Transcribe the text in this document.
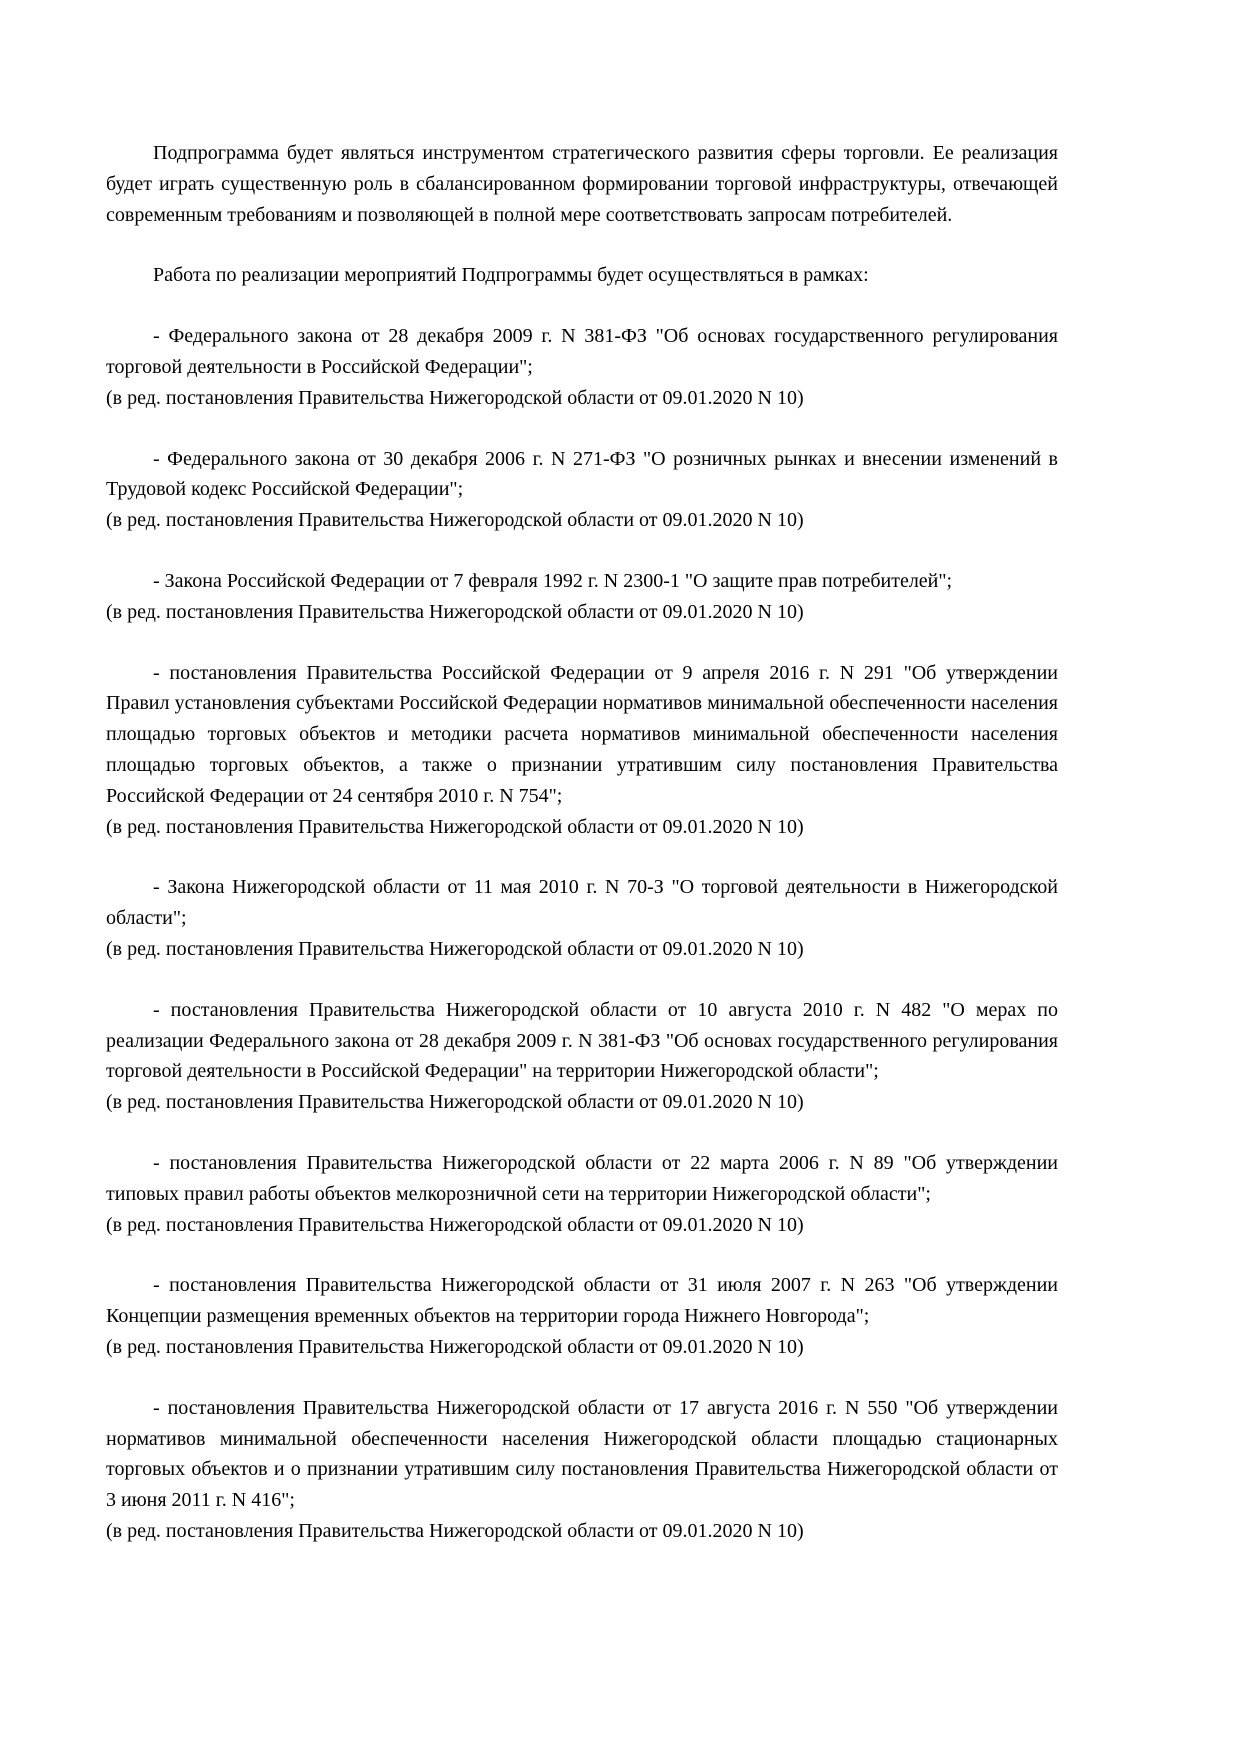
Подпрограмма будет являться инструментом стратегического развития сферы торговли. Ее реализация будет играть существенную роль в сбалансированном формировании торговой инфраструктуры, отвечающей современным требованиям и позволяющей в полной мере соответствовать запросам потребителей.

Работа по реализации мероприятий Подпрограммы будет осуществляться в рамках:

- Федерального закона от 28 декабря 2009 г. N 381-ФЗ "Об основах государственного регулирования торговой деятельности в Российской Федерации";

(в ред. постановления Правительства Нижегородской области от 09.01.2020 N 10)

- Федерального закона от 30 декабря 2006 г. N 271-ФЗ "О розничных рынках и внесении изменений в Трудовой кодекс Российской Федерации";

(в ред. постановления Правительства Нижегородской области от 09.01.2020 N 10)

- Закона Российской Федерации от 7 февраля 1992 г. N 2300-1 "О защите прав потребителей";

(в ред. постановления Правительства Нижегородской области от 09.01.2020 N 10)

- постановления Правительства Российской Федерации от 9 апреля 2016 г. N 291 "Об утверждении Правил установления субъектами Российской Федерации нормативов минимальной обеспеченности населения площадью торговых объектов и методики расчета нормативов минимальной обеспеченности населения площадью торговых объектов, а также о признании утратившим силу постановления Правительства Российской Федерации от 24 сентября 2010 г. N 754";

(в ред. постановления Правительства Нижегородской области от 09.01.2020 N 10)

- Закона Нижегородской области от 11 мая 2010 г. N 70-З "О торговой деятельности в Нижегородской области";

(в ред. постановления Правительства Нижегородской области от 09.01.2020 N 10)

- постановления Правительства Нижегородской области от 10 августа 2010 г. N 482 "О мерах по реализации Федерального закона от 28 декабря 2009 г. N 381-ФЗ "Об основах государственного регулирования торговой деятельности в Российской Федерации" на территории Нижегородской области";

(в ред. постановления Правительства Нижегородской области от 09.01.2020 N 10)

- постановления Правительства Нижегородской области от 22 марта 2006 г. N 89 "Об утверждении типовых правил работы объектов мелкорозничной сети на территории Нижегородской области";

(в ред. постановления Правительства Нижегородской области от 09.01.2020 N 10)

- постановления Правительства Нижегородской области от 31 июля 2007 г. N 263 "Об утверждении Концепции размещения временных объектов на территории города Нижнего Новгорода";

(в ред. постановления Правительства Нижегородской области от 09.01.2020 N 10)

- постановления Правительства Нижегородской области от 17 августа 2016 г. N 550 "Об утверждении нормативов минимальной обеспеченности населения Нижегородской области площадью стационарных торговых объектов и о признании утратившим силу постановления Правительства Нижегородской области от 3 июня 2011 г. N 416";

(в ред. постановления Правительства Нижегородской области от 09.01.2020 N 10)
